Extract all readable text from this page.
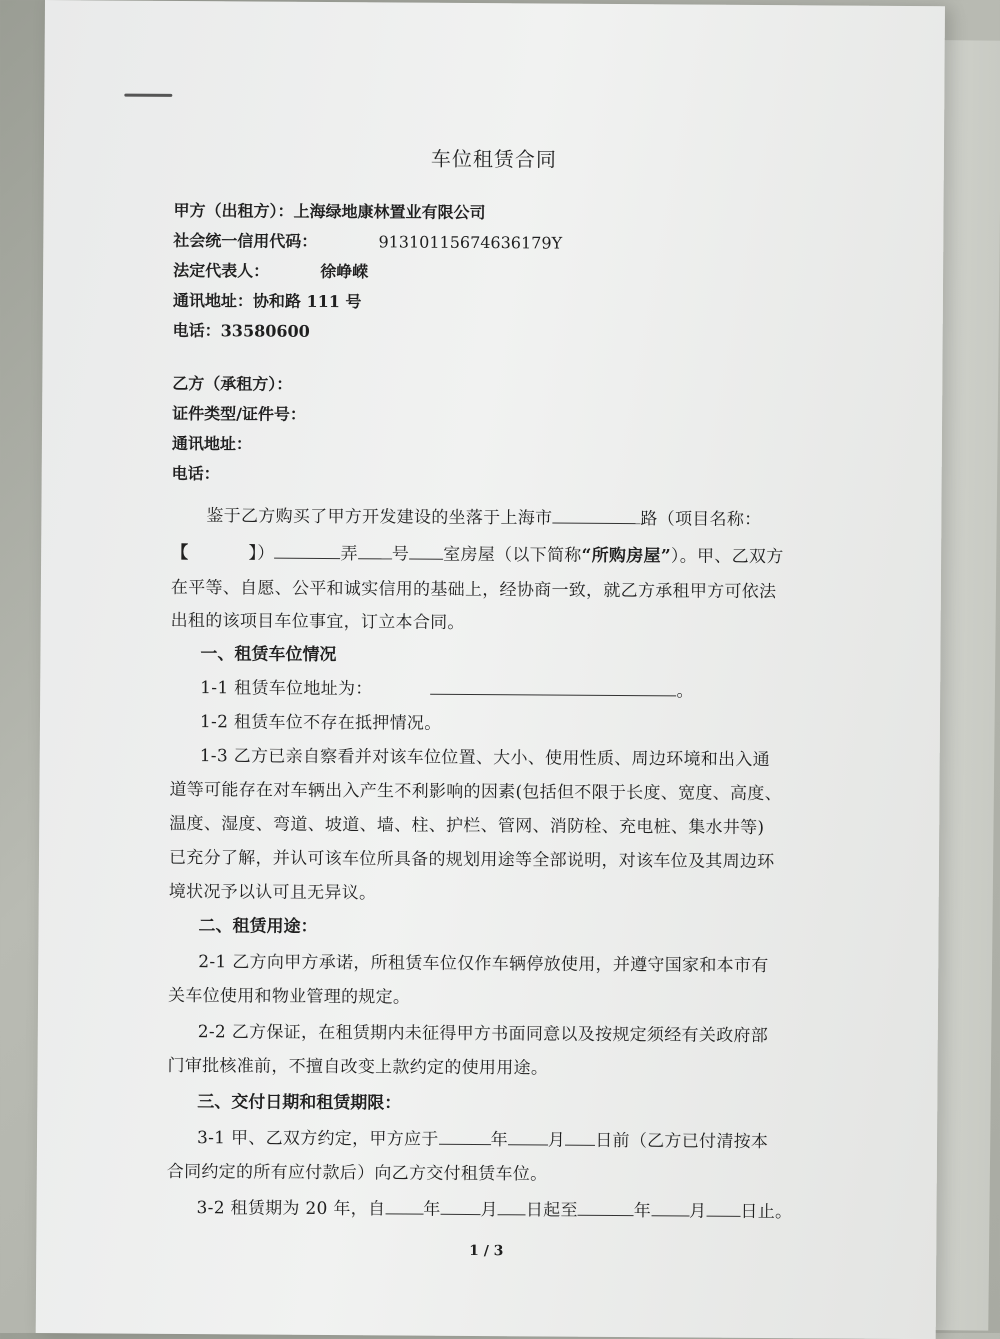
车位租赁合同
甲方（出租方）：上海绿地康林置业有限公司
社会统一信用代码：	91310115674636179Y
法定代表人：	徐峥嵘
通讯地址：协和路 111 号
电话：33580600
乙方（承租方）：
证件类型/证件号：
通讯地址：
电话：
鉴于乙方购买了甲方开发建设的坐落于上海市	路（项目名称：
【	】）	弄 号 室房屋（以下简称“所购房屋”）。甲、乙双方
在平等、自愿、公平和诚实信用的基础上，经协商一致，就乙方承租甲方可依法
出租的该项目车位事宜，订立本合同。
一、租赁车位情况
1-1 租赁车位地址为：	。
1-2 租赁车位不存在抵押情况。
1-3 乙方已亲自察看并对该车位位置、大小、使用性质、周边环境和出入通
道等可能存在对车辆出入产生不利影响的因素(包括但不限于长度、宽度、高度、
温度、湿度、弯道、坡道、墙、柱、护栏、管网、消防栓、充电桩、集水井等)
已充分了解，并认可该车位所具备的规划用途等全部说明，对该车位及其周边环
境状况予以认可且无异议。
二、租赁用途：
2-1 乙方向甲方承诺，所租赁车位仅作车辆停放使用，并遵守国家和本市有
关车位使用和物业管理的规定。
2-2 乙方保证，在租赁期内未征得甲方书面同意以及按规定须经有关政府部
门审批核准前，不擅自改变上款约定的使用用途。
三、交付日期和租赁期限：
3-1 甲、乙双方约定，甲方应于	年 月 日前（乙方已付清按本
合同约定的所有应付款后）向乙方交付租赁车位。
3-2 租赁期为 20 年，自 年 月 日起至	年 月 日止。
1 / 3
